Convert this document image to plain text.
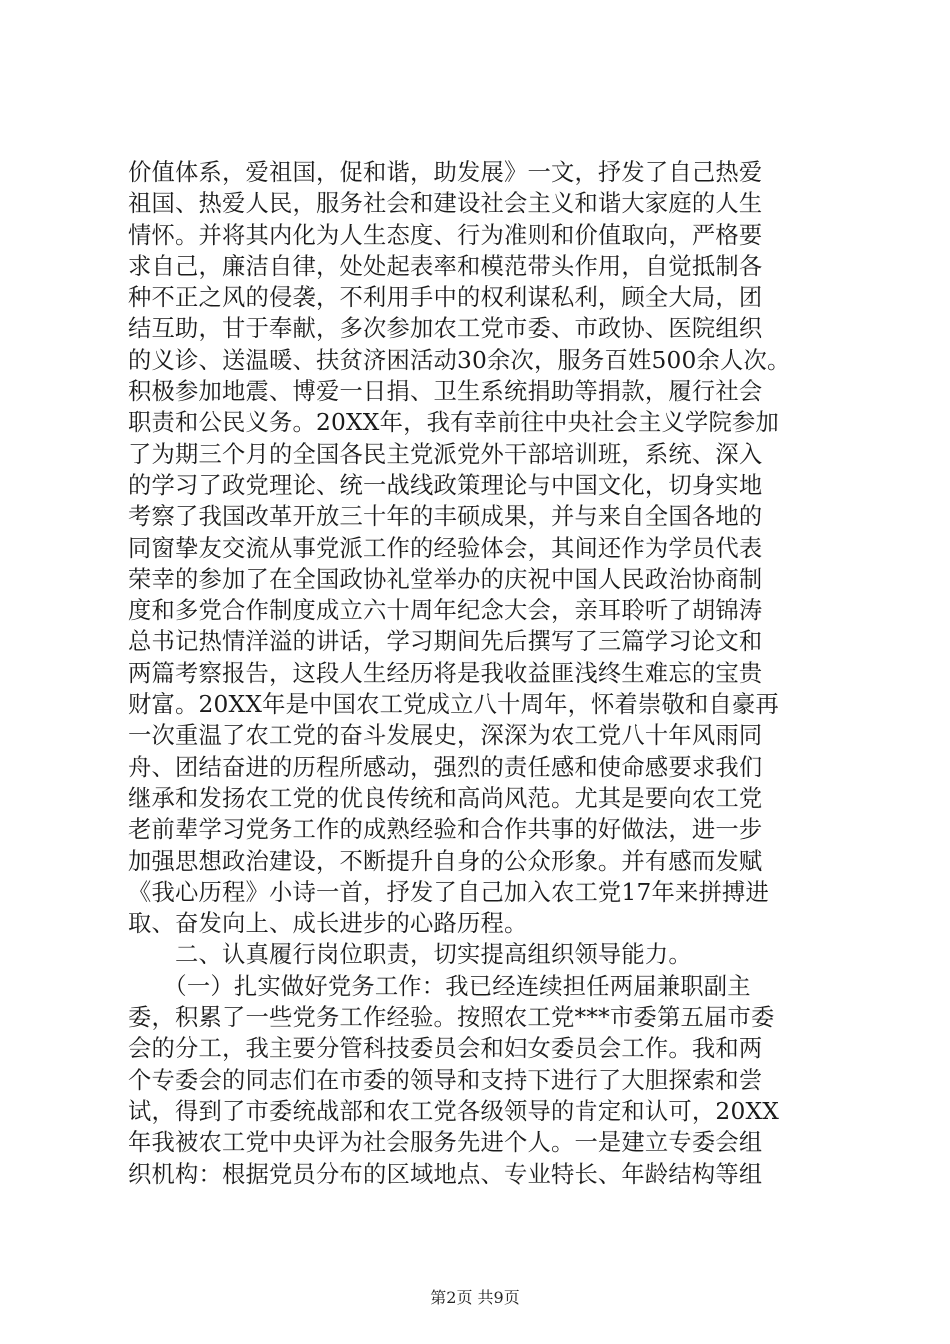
价值体系，爱祖国，促和谐，助发展》一文，抒发了自己热爱
祖国、热爱人民，服务社会和建设社会主义和谐大家庭的人生
情怀。并将其内化为人生态度、行为准则和价值取向，严格要
求自己，廉洁自律，处处起表率和模范带头作用，自觉抵制各
种不正之风的侵袭，不利用手中的权利谋私利，顾全大局，团
结互助，甘于奉献，多次参加农工党市委、市政协、医院组织
的义诊、送温暖、扶贫济困活动30余次，服务百姓500余人次。
积极参加地震、博爱一日捐、卫生系统捐助等捐款，履行社会
职责和公民义务。20XX年，我有幸前往中央社会主义学院参加
了为期三个月的全国各民主党派党外干部培训班，系统、深入
的学习了政党理论、统一战线政策理论与中国文化，切身实地
考察了我国改革开放三十年的丰硕成果，并与来自全国各地的
同窗挚友交流从事党派工作的经验体会，其间还作为学员代表
荣幸的参加了在全国政协礼堂举办的庆祝中国人民政治协商制
度和多党合作制度成立六十周年纪念大会，亲耳聆听了胡锦涛
总书记热情洋溢的讲话，学习期间先后撰写了三篇学习论文和
两篇考察报告，这段人生经历将是我收益匪浅终生难忘的宝贵
财富。20XX年是中国农工党成立八十周年，怀着崇敬和自豪再
一次重温了农工党的奋斗发展史，深深为农工党八十年风雨同
舟、团结奋进的历程所感动，强烈的责任感和使命感要求我们
继承和发扬农工党的优良传统和高尚风范。尤其是要向农工党
老前辈学习党务工作的成熟经验和合作共事的好做法，进一步
加强思想政治建设，不断提升自身的公众形象。并有感而发赋
《我心历程》小诗一首，抒发了自己加入农工党17年来拼搏进
取、奋发向上、成长进步的心路历程。
　　二、认真履行岗位职责，切实提高组织领导能力。
　　（一）扎实做好党务工作：我已经连续担任两届兼职副主
委，积累了一些党务工作经验。按照农工党***市委第五届市委
会的分工，我主要分管科技委员会和妇女委员会工作。我和两
个专委会的同志们在市委的领导和支持下进行了大胆探索和尝
试，得到了市委统战部和农工党各级领导的肯定和认可，20XX
年我被农工党中央评为社会服务先进个人。一是建立专委会组
织机构：根据党员分布的区域地点、专业特长、年龄结构等组
第2页 共9页
